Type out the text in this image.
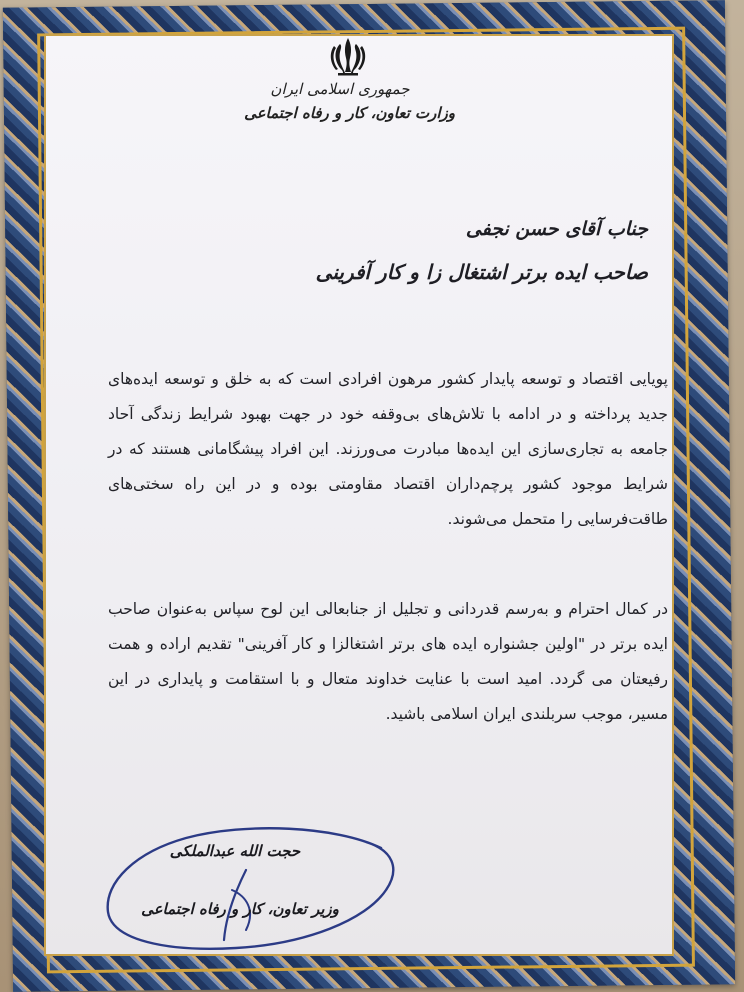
جمهوری اسلامی ایران
وزارت تعاون، کار و رفاه اجتماعی
جناب آقای حسن نجفی
صاحب ایده برتر اشتغال زا و کار آفرینی
پویایی اقتصاد و توسعه پایدار کشور مرهون افرادی است که به خلق و توسعه ایده‌های جدید پرداخته و در ادامه با تلاش‌های بی‌وقفه خود در جهت بهبود شرایط زندگی آحاد جامعه به تجاری‌سازی این ایده‌ها مبادرت می‌ورزند. این افراد پیشگامانی هستند که در شرایط موجود کشور پرچم‌داران اقتصاد مقاومتی بوده و در این راه سختی‌های طاقت‌فرسایی را متحمل می‌شوند.
در کمال احترام و به‌رسم قدردانی و تجلیل از جنابعالی این لوح سپاس به‌عنوان صاحب ایده برتر در "اولین جشنواره ایده های برتر اشتغالزا و کار آفرینی" تقدیم اراده و همت رفیعتان می گردد. امید است با عنایت خداوند متعال و با استقامت و پایداری در این مسیر، موجب سربلندی ایران اسلامی باشید.
حجت الله عبدالملکی
وزیر تعاون، کار و رفاه اجتماعی
